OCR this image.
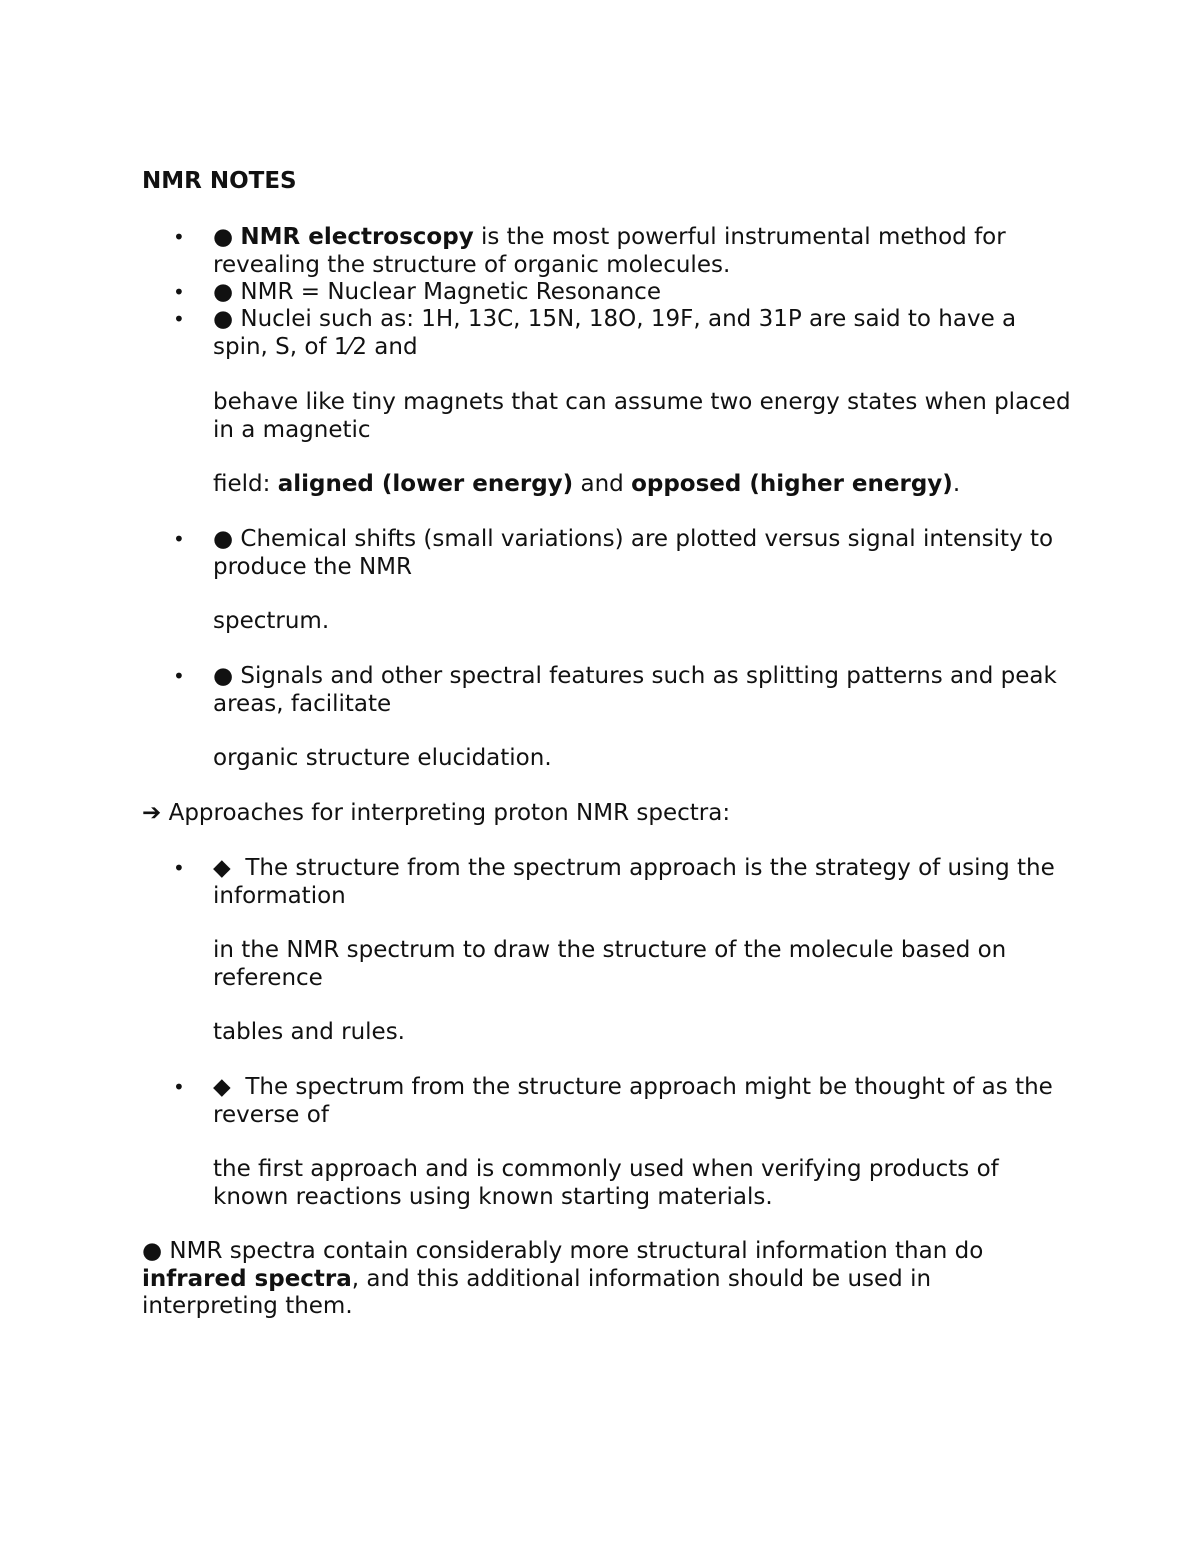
NMR NOTES

• ● NMR electroscopy is the most powerful instrumental method for revealing the structure of organic molecules.

• ● NMR = Nuclear Magnetic Resonance

• ● Nuclei such as: 1H, 13C, 15N, 18O, 19F, and 31P are said to have a spin, S, of 1⁄2 and

behave like tiny magnets that can assume two energy states when placed in a magnetic

field: aligned (lower energy) and opposed (higher energy).

• ● Chemical shifts (small variations) are plotted versus signal intensity to produce the NMR

spectrum.

• ● Signals and other spectral features such as splitting patterns and peak areas, facilitate

organic structure elucidation.

➔ Approaches for interpreting proton NMR spectra:

• ◆ The structure from the spectrum approach is the strategy of using the information

in the NMR spectrum to draw the structure of the molecule based on reference

tables and rules.

• ◆ The spectrum from the structure approach might be thought of as the reverse of

the first approach and is commonly used when verifying products of known reactions using known starting materials.

● NMR spectra contain considerably more structural information than do infrared spectra, and this additional information should be used in interpreting them.
